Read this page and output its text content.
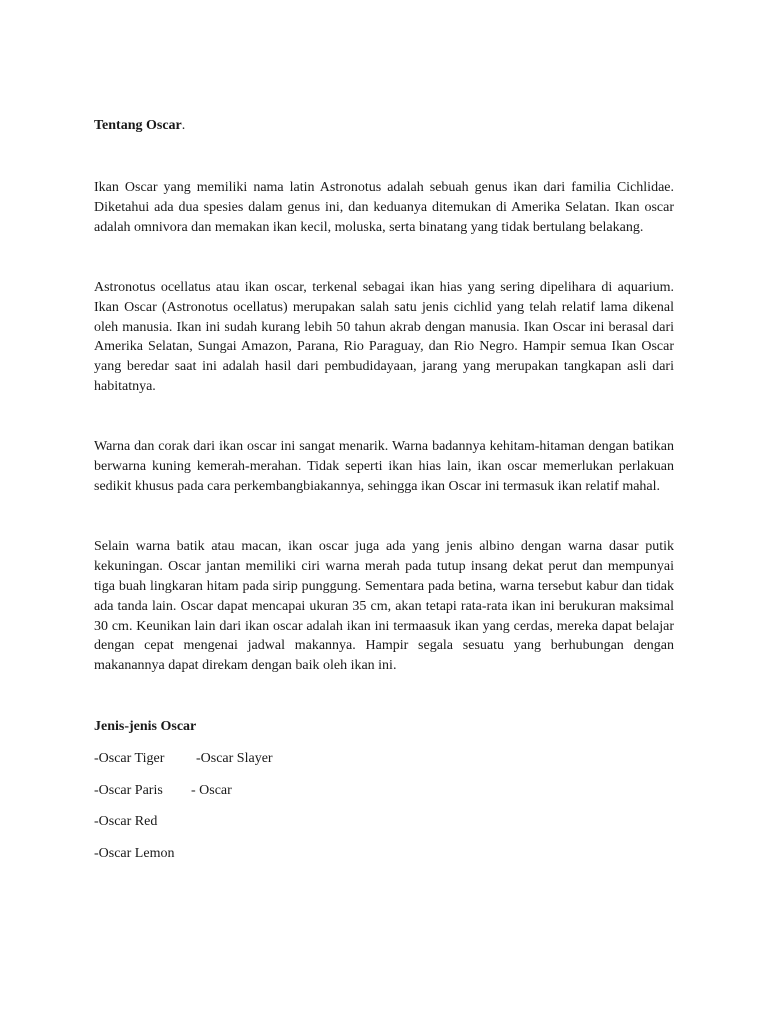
Tentang Oscar.

Ikan Oscar yang memiliki nama latin Astronotus adalah sebuah genus ikan dari familia Cichlidae. Diketahui ada dua spesies dalam genus ini, dan keduanya ditemukan di Amerika Selatan. Ikan oscar adalah omnivora dan memakan ikan kecil, moluska, serta binatang yang tidak bertulang belakang.

Astronotus ocellatus atau ikan oscar, terkenal sebagai ikan hias yang sering dipelihara di aquarium. Ikan Oscar (Astronotus ocellatus) merupakan salah satu jenis cichlid yang telah relatif lama dikenal oleh manusia. Ikan ini sudah kurang lebih 50 tahun akrab dengan manusia. Ikan Oscar ini berasal dari Amerika Selatan, Sungai Amazon, Parana, Rio Paraguay, dan Rio Negro. Hampir semua Ikan Oscar yang beredar saat ini adalah hasil dari pembudidayaan, jarang yang merupakan tangkapan asli dari habitatnya.

Warna dan corak dari ikan oscar ini sangat menarik. Warna badannya kehitam-hitaman dengan batikan berwarna kuning kemerah-merahan. Tidak seperti ikan hias lain, ikan oscar memerlukan perlakuan sedikit khusus pada cara perkembangbiakannya, sehingga ikan Oscar ini termasuk ikan relatif mahal.

Selain warna batik atau macan, ikan oscar juga ada yang jenis albino dengan warna dasar putik kekuningan. Oscar jantan memiliki ciri warna merah pada tutup insang dekat perut dan mempunyai tiga buah lingkaran hitam pada sirip punggung. Sementara pada betina, warna tersebut kabur dan tidak ada tanda lain. Oscar dapat mencapai ukuran 35 cm, akan tetapi rata-rata ikan ini berukuran maksimal 30 cm. Keunikan lain dari ikan oscar adalah ikan ini termaasuk ikan yang cerdas, mereka dapat belajar dengan cepat mengenai jadwal makannya. Hampir segala sesuatu yang berhubungan dengan makanannya dapat direkam dengan baik oleh ikan ini.

Jenis-jenis Oscar

-Oscar Tiger -Oscar Slayer
-Oscar Paris - Oscar
-Oscar Red
-Oscar Lemon
